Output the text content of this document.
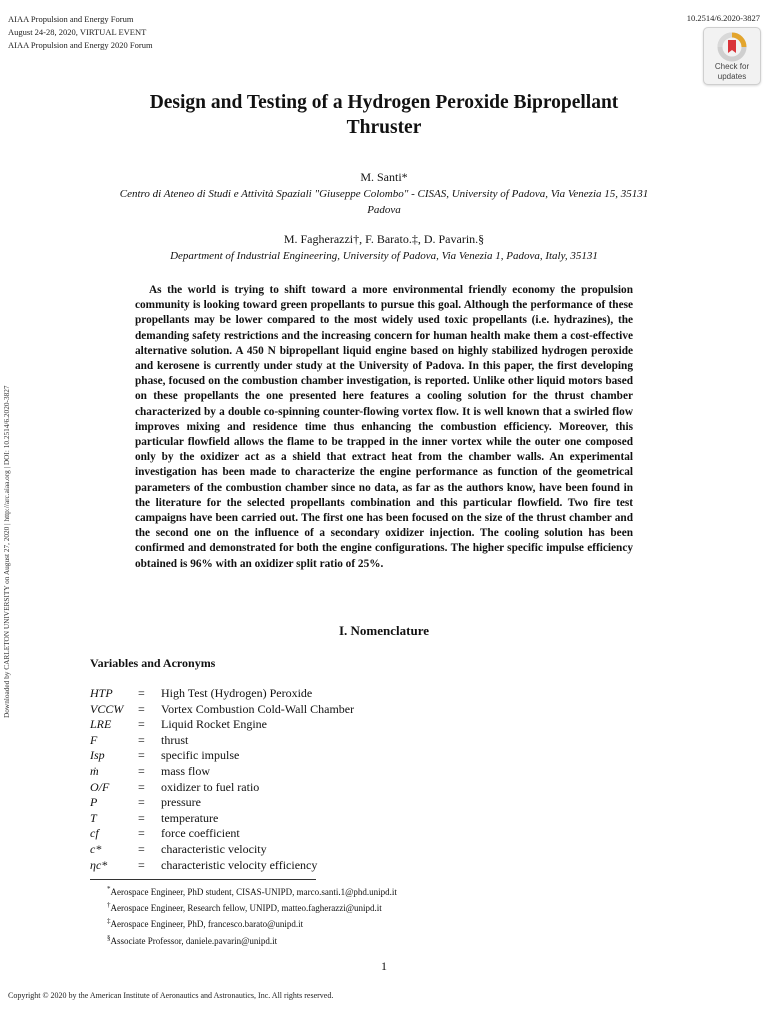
AIAA Propulsion and Energy Forum
August 24-28, 2020, VIRTUAL EVENT
AIAA Propulsion and Energy 2020 Forum
10.2514/6.2020-3827
Check for
updates
Design and Testing of a Hydrogen Peroxide Bipropellant
Thruster
M. Santi*
Centro di Ateneo di Studi e Attività Spaziali "Giuseppe Colombo" - CISAS, University of Padova, Via Venezia 15, 35131
Padova
M. Fagherazzi†, F. Barato.‡, D. Pavarin.§
Department of Industrial Engineering, University of Padova, Via Venezia 1, Padova, Italy, 35131
As the world is trying to shift toward a more environmental friendly economy the propulsion community is looking toward green propellants to pursue this goal. Although the performance of these propellants may be lower compared to the most widely used toxic propellants (i.e. hydrazines), the demanding safety restrictions and the increasing concern for human health make them a cost-effective alternative solution. A 450 N bipropellant liquid engine based on highly stabilized hydrogen peroxide and kerosene is currently under study at the University of Padova. In this paper, the first developing phase, focused on the combustion chamber investigation, is reported. Unlike other liquid motors based on these propellants the one presented here features a cooling solution for the thrust chamber characterized by a double co-spinning counter-flowing vortex flow. It is well known that a swirled flow improves mixing and residence time thus enhancing the combustion efficiency. Moreover, this particular flowfield allows the flame to be trapped in the inner vortex while the outer one composed only by the oxidizer act as a shield that extract heat from the chamber walls. An experimental investigation has been made to characterize the engine performance as function of the geometrical parameters of the combustion chamber since no data, as far as the authors know, have been found in the literature for the selected propellants combination and this particular flowfield. Two fire test campaigns have been carried out. The first one has been focused on the size of the thrust chamber and the second one on the influence of a secondary oxidizer injection. The cooling solution has been confirmed and demonstrated for both the engine configurations. The higher specific impulse efficiency obtained is 96% with an oxidizer split ratio of 25%.
I. Nomenclature
Variables and Acronyms
HTP = High Test (Hydrogen) Peroxide
VCCW = Vortex Combustion Cold-Wall Chamber
LRE = Liquid Rocket Engine
F	= thrust
Isp	= specific impulse
ṁ	= mass flow
O/F = oxidizer to fuel ratio
P	= pressure
T	= temperature
cf	= force coefficient
c*	= characteristic velocity
ηc*	= characteristic velocity efficiency
*Aerospace Engineer, PhD student, CISAS-UNIPD, marco.santi.1@phd.unipd.it
†Aerospace Engineer, Research fellow, UNIPD, matteo.fagherazzi@unipd.it
‡Aerospace Engineer, PhD, francesco.barato@unipd.it
§Associate Professor, daniele.pavarin@unipd.it
1
Copyright © 2020 by the American Institute of Aeronautics and Astronautics, Inc. All rights reserved.
Downloaded by CARLETON UNIVERSITY on August 27, 2020 | http://arc.aiaa.org | DOI: 10.2514/6.2020-3827
